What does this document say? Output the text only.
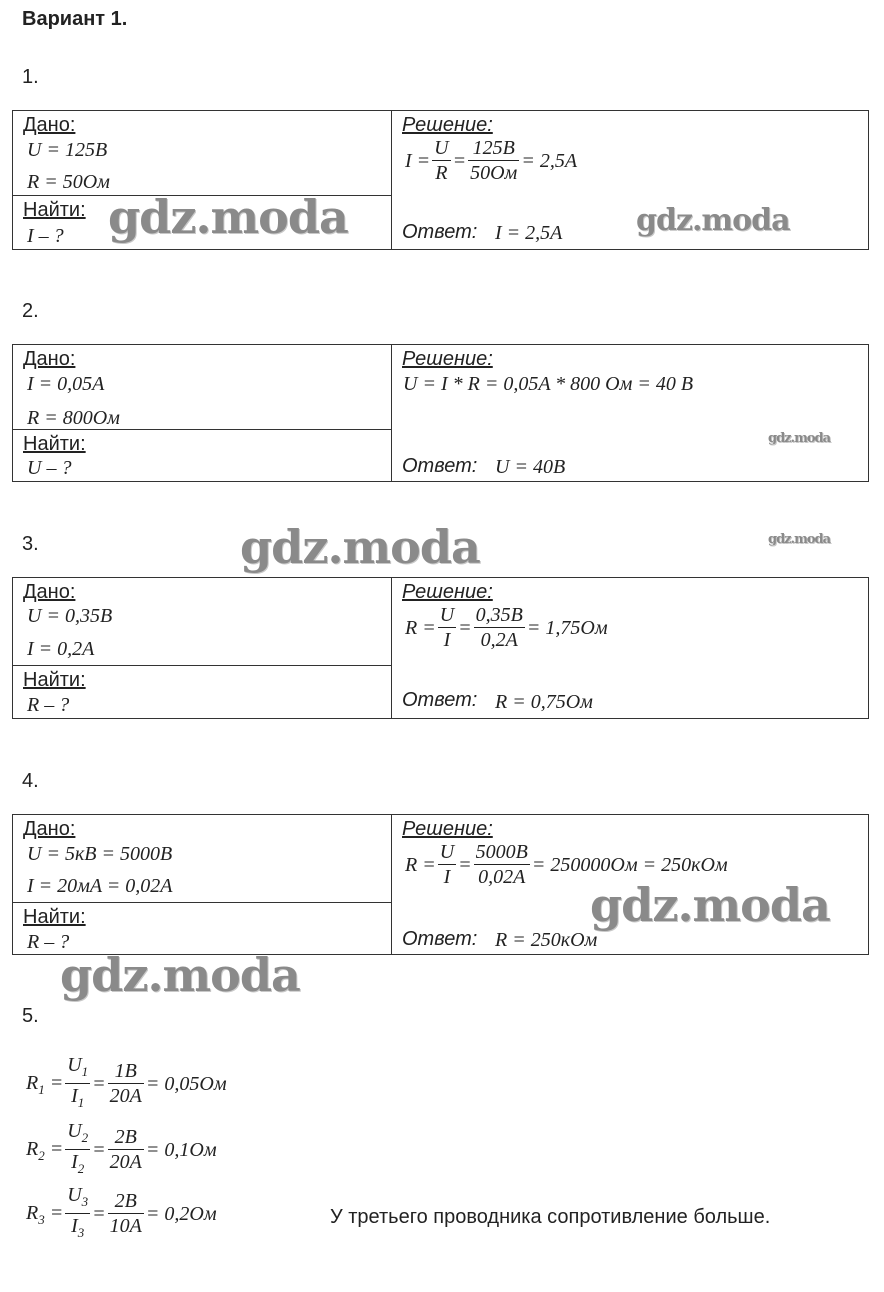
Вариант 1.
1.
Дано:
U = 125B
R = 50Ом
Найти:
I – ?
Решение:
$I = \frac{U}{R} = \frac{125B}{50Ом} = 2,5A$
Ответ: I = 2,5A
2.
Дано:
I = 0,05A
R = 800Ом
Найти:
U – ?
Решение:
U = I * R = 0,05A * 800 Ом = 40 В
Ответ: U = 40B
3.
Дано:
U = 0,35B
I = 0,2A
Найти:
R – ?
Решение:
$R = \frac{U}{I} = \frac{0,35B}{0,2A} = 1,75Ом$
Ответ: R = 0,75Ом
4.
Дано:
U = 5кB = 5000B
I = 20мA = 0,02A
Найти:
R – ?
Решение:
$R = \frac{U}{I} = \frac{5000B}{0,02A} = 250000Ом = 250кОм$
Ответ: R = 250кОм
5.
$R_1 = \frac{U_1}{I_1} = \frac{1B}{20A} = 0,05Ом$
$R_2 = \frac{U_2}{I_2} = \frac{2B}{20A} = 0,1Ом$
$R_3 = \frac{U_3}{I_3} = \frac{2B}{10A} = 0,2Ом$	У третьего проводника сопротивление больше.
gdz.moda	gdz.moda
gdz.moda
gdz.moda	gdz.moda
gdz.moda
gdz.moda
